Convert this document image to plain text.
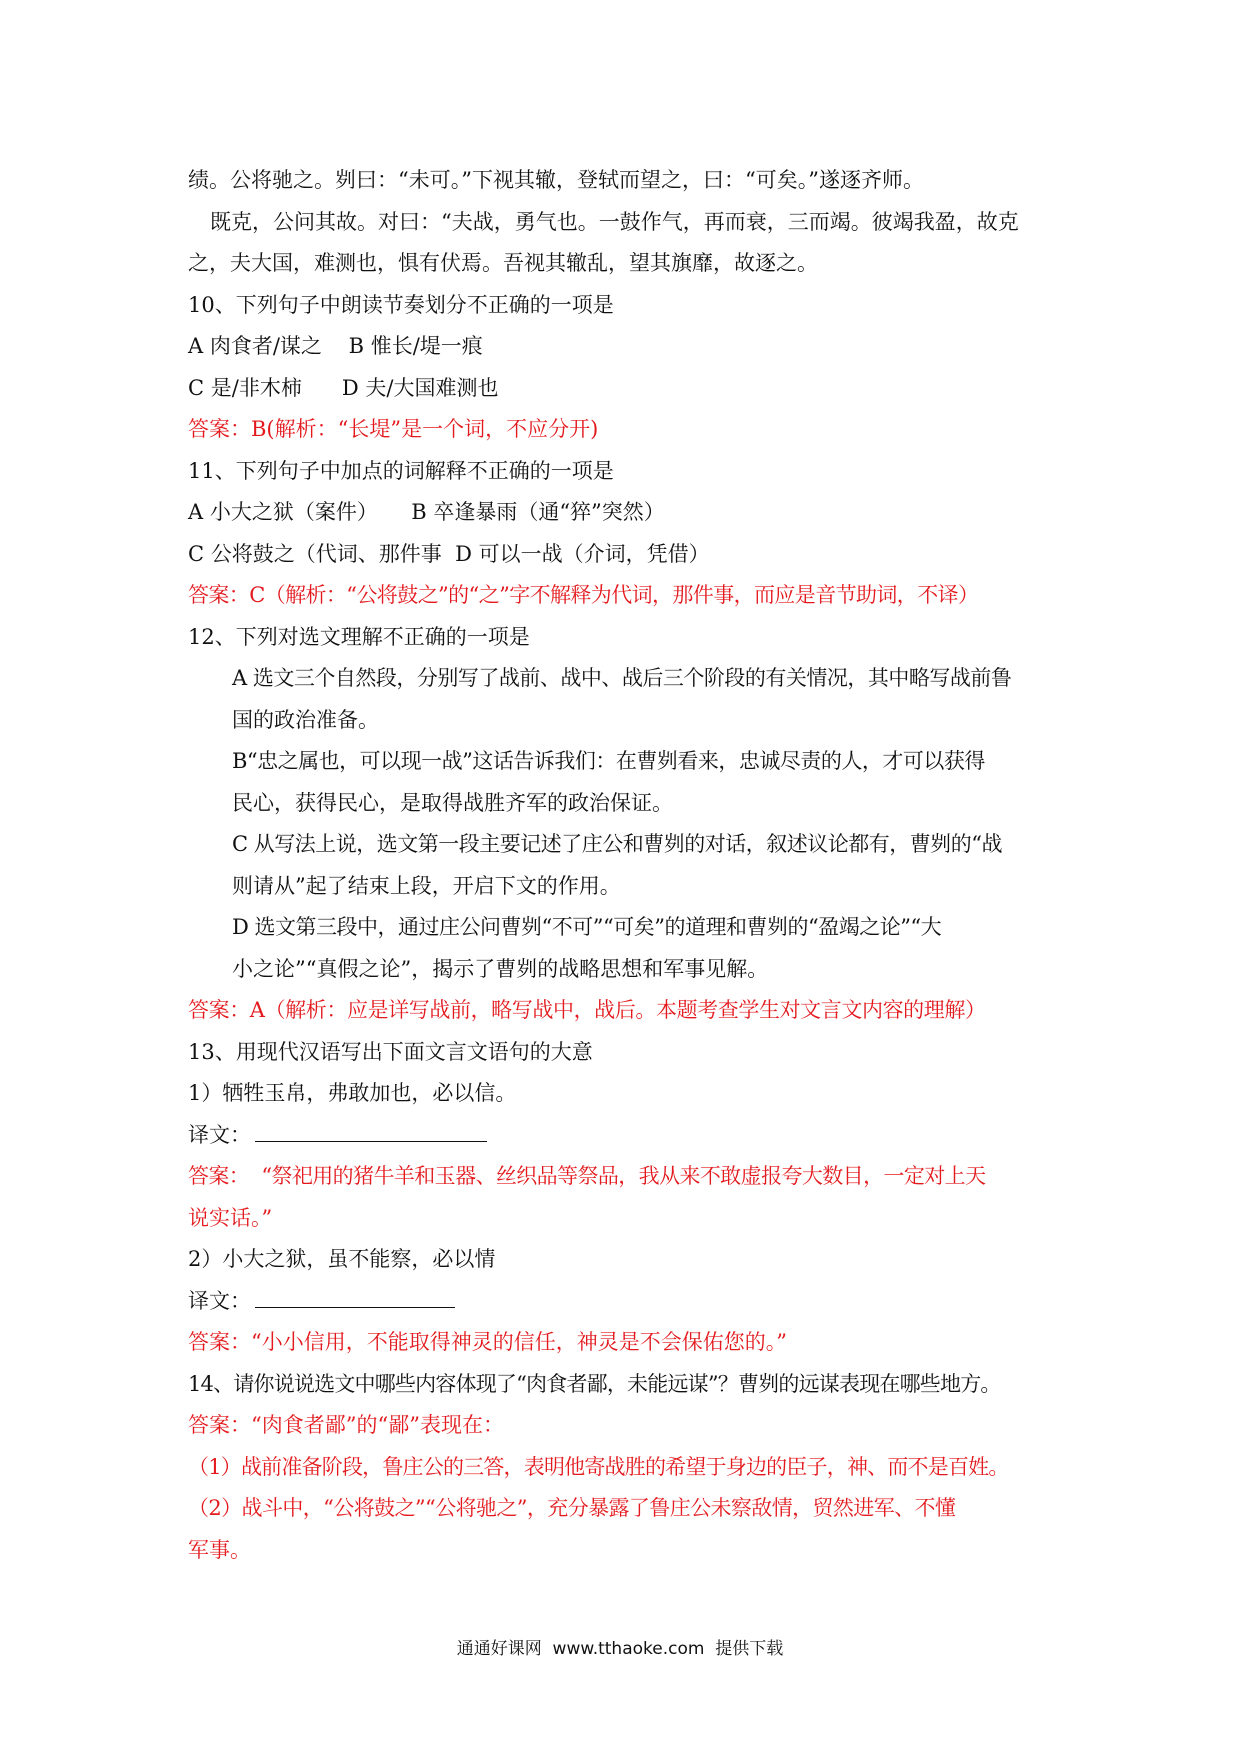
绩。公将驰之。刿曰：“未可。”下视其辙，登轼而望之，曰：“可矣。”遂逐齐师。
既克，公问其故。对曰：“夫战，勇气也。一鼓作气，再而衰，三而竭。彼竭我盈，故克
之，夫大国，难测也，惧有伏焉。吾视其辙乱，望其旗靡，故逐之。
10、下列句子中朗读节奏划分不正确的一项是
A 肉食者/谋之    B 惟长/堤一痕
C 是/非木柿      D 夫/大国难测也
答案：B(解析：“长堤”是一个词，不应分开)
11、下列句子中加点的词解释不正确的一项是
A 小大之狱（案件）     B 卒逢暴雨（通“猝”突然）
C 公将鼓之（代词、那件事  D 可以一战（介词，凭借）
答案：C（解析：“公将鼓之”的“之”字不解释为代词，那件事，而应是音节助词，不译）
12、下列对选文理解不正确的一项是
A 选文三个自然段，分别写了战前、战中、战后三个阶段的有关情况，其中略写战前鲁
国的政治准备。
B“忠之属也，可以现一战”这话告诉我们：在曹刿看来，忠诚尽责的人，才可以获得
民心，获得民心，是取得战胜齐军的政治保证。
C 从写法上说，选文第一段主要记述了庄公和曹刿的对话，叙述议论都有，曹刿的“战
则请从”起了结束上段，开启下文的作用。
D 选文第三段中，通过庄公问曹刿“不可”“可矣”的道理和曹刿的“盈竭之论”“大
小之论”“真假之论”，揭示了曹刿的战略思想和军事见解。
答案：A（解析：应是详写战前，略写战中，战后。本题考查学生对文言文内容的理解）
13、用现代汉语写出下面文言文语句的大意
1）牺牲玉帛，弗敢加也，必以信。
译文：
答案：  “祭祀用的猪牛羊和玉器、丝织品等祭品，我从来不敢虚报夸大数目，一定对上天
说实话。”
2）小大之狱，虽不能察，必以情
译文：
答案：“小小信用，不能取得神灵的信任，神灵是不会保佑您的。”
14、请你说说选文中哪些内容体现了“肉食者鄙，未能远谋”？曹刿的远谋表现在哪些地方。
答案：“肉食者鄙”的“鄙”表现在：
（1）战前准备阶段，鲁庄公的三答，表明他寄战胜的希望于身边的臣子，神、而不是百姓。
（2）战斗中，“公将鼓之”“公将驰之”，充分暴露了鲁庄公未察敌情，贸然进军、不懂
军事。
通通好课网  www.tthaoke.com  提供下载
